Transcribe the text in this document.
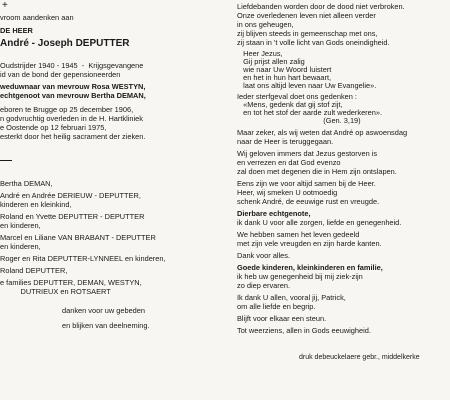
+
vroom aandenken aan
DE HEER
André - Joseph DEPUTTER
Oudstrijder 1940 - 1945  -  Krijgsgevangene
id van de bond der gepensioneerden
weduwnaar van mevrouw Rosa WESTYN,
echtgenoot van mevrouw Bertha DEMAN,
eboren te Brugge op 25 december 1906,
n godvruchtig overleden in de H. Hartkliniek
e Oostende op 12 februari 1975,
esterkt door het heilig sacrament der zieken.
Bertha DEMAN,
André en Andrée DERIEUW - DEPUTTER,
kinderen en kleinkind,
Roland en Yvette DEPUTTER - DEPUTTER
en kinderen,
Marcel en Liliane VAN BRABANT - DEPUTTER
en kinderen,
Roger en Rita DEPUTTER-LYNNEEL en kinderen,
Roland DEPUTTER,
e families DEPUTTER, DEMAN, WESTYN,
DUTRIEUX en ROTSAERT
danken voor uw gebeden
en blijken van deelneming.
Liefdebanden worden door de dood niet verbroken.
Onze overledenen leven niet alleen verder
in ons geheugen,
zij blijven steeds in gemeenschap met ons,
zij staan in 't volle licht van Gods oneindigheid.
Heer Jezus,
Gij prijst allen zalig
wie naar Uw Woord luistert
en het in hun hart bewaart,
laat ons altijd leven naar Uw Evangelie».
Ieder sterfgeval doet ons gedenken :
«Mens, gedenk dat gij stof zijt,
en tot het stof der aarde zult wederkeren».
(Gen. 3,19)
Maar zeker, als wij weten dat André op aswoensdag
naar de Heer is teruggegaan.
Wij geloven immers dat Jezus gestorven is
en verrezen en dat God evenzo
zal doen met degenen die in Hem zijn ontslapen.
Eens zijn we voor altijd samen bij de Heer.
Heer, wij smeken U ootmoedig
schenk André, de eeuwige rust en vreugde.
Dierbare echtgenote,
ik dank U voor alle zorgen, liefde en genegenheid.
We hebben samen het leven gedeeld
met zijn vele vreugden en zijn harde kanten.
Dank voor alles.
Goede kinderen, kleinkinderen en familie,
ik heb uw genegenheid bij mij ziek-zijn
zo diep ervaren.
Ik dank U allen, vooral jij, Patrick,
om alle liefde en begrip.
Blijft voor elkaar een steun.
Tot weerziens, allen in Gods eeuwigheid.
druk debeuckelaere gebr., middelkerke
